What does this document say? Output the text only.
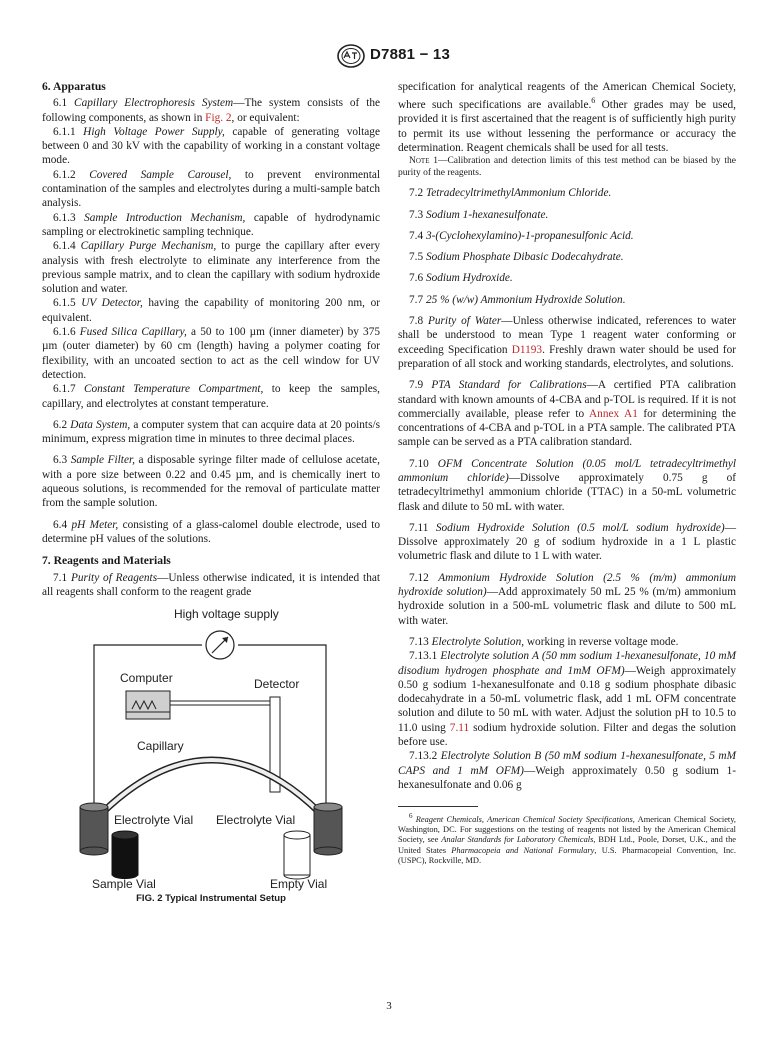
D7881 − 13
6. Apparatus

6.1 Capillary Electrophoresis System—The system consists of the following components, as shown in Fig. 2, or equivalent:

6.1.1 High Voltage Power Supply, capable of generating voltage between 0 and 30 kV with the capability of working in a constant voltage mode.

6.1.2 Covered Sample Carousel, to prevent environmental contamination of the samples and electrolytes during a multi-sample batch analysis.

6.1.3 Sample Introduction Mechanism, capable of hydrodynamic sampling or electrokinetic sampling technique.

6.1.4 Capillary Purge Mechanism, to purge the capillary after every analysis with fresh electrolyte to eliminate any interference from the previous sample matrix, and to clean the capillary with sodium hydroxide solution and water.

6.1.5 UV Detector, having the capability of monitoring 200 nm, or equivalent.

6.1.6 Fused Silica Capillary, a 50 to 100 µm (inner diameter) by 375 µm (outer diameter) by 60 cm (length) having a polymer coating for flexibility, with an uncoated section to act as the cell window for UV detection.

6.1.7 Constant Temperature Compartment, to keep the samples, capillary, and electrolytes at constant temperature.

6.2 Data System, a computer system that can acquire data at 20 points/s minimum, express migration time in minutes to three decimal places.

6.3 Sample Filter, a disposable syringe filter made of cellulose acetate, with a pore size between 0.22 and 0.45 µm, and is chemically inert to aqueous solutions, is recommended for the removal of particulate matter from the sample solution.

6.4 pH Meter, consisting of a glass-calomel double electrode, used to determine pH values of the solutions.

7. Reagents and Materials

7.1 Purity of Reagents—Unless otherwise indicated, it is intended that all reagents shall conform to the reagent grade

High voltage supply
Computer	Detector
Capillary
Electrolyte Vial Electrolyte Vial
Sample Vial	Empty Vial
FIG. 2 Typical Instrumental Setup

specification for analytical reagents of the American Chemical Society, where such specifications are available.$^6$ Other grades may be used, provided it is first ascertained that the reagent is of sufficiently high purity to permit its use without lessening the performance or accuracy the determination. Reagent chemicals shall be used for all tests.

Note 1—Calibration and detection limits of this test method can be biased by the purity of the reagents.

7.2 TetradecyltrimethylAmmonium Chloride.

7.3 Sodium 1-hexanesulfonate.

7.4 3-(Cyclohexylamino)-1-propanesulfonic Acid.

7.5 Sodium Phosphate Dibasic Dodecahydrate.

7.6 Sodium Hydroxide.

7.7 25 % (w/w) Ammonium Hydroxide Solution.

7.8 Purity of Water—Unless otherwise indicated, references to water shall be understood to mean Type 1 reagent water conforming or exceeding Specification D1193. Freshly drawn water should be used for preparation of all stock and working standards, electrolytes, and solutions.

7.9 PTA Standard for Calibrations—A certified PTA calibration standard with known amounts of 4-CBA and p-TOL is required. If it is not commercially available, please refer to Annex A1 for determining the concentrations of 4-CBA and p-TOL in a PTA sample. The calibrated PTA sample can be served as a PTA calibration standard.

7.10 OFM Concentrate Solution (0.05 mol/L tetradecyltrimethyl ammonium chloride)—Dissolve approximately 0.75 g of tetradecyltrimethyl ammonium chloride (TTAC) in a 50-mL volumetric flask and dilute to 50 mL with water.

7.11 Sodium Hydroxide Solution (0.5 mol/L sodium hydroxide)—Dissolve approximately 20 g of sodium hydroxide in a 1 L plastic volumetric flask and dilute to 1 L with water.

7.12 Ammonium Hydroxide Solution (2.5 % (m/m) ammonium hydroxide solution)—Add approximately 50 mL 25 % (m/m) ammonium hydroxide solution in a 500-mL volumetric flask and dilute to 500 mL with water.

7.13 Electrolyte Solution, working in reverse voltage mode.

7.13.1 Electrolyte solution A (50 mm sodium 1-hexanesulfonate, 10 mM disodium hydrogen phosphate and 1mM OFM)—Weigh approximately 0.50 g sodium 1-hexanesulfonate and 0.18 g sodium phosphate dibasic dodecahydrate in a 50-mL volumetric flask, add 1 mL OFM concentrate solution and dilute to 50 mL with water. Adjust the solution pH to 10.5 to 11.0 using 7.11 sodium hydroxide solution. Filter and degas the solution before use.

7.13.2 Electrolyte Solution B (50 mM sodium 1-hexanesulfonate, 5 mM CAPS and 1 mM OFM)—Weigh approximately 0.50 g sodium 1-hexanesulfonate and 0.06 g

$^6$ Reagent Chemicals, American Chemical Society Specifications, American Chemical Society, Washington, DC. For suggestions on the testing of reagents not listed by the American Chemical Society, see Analar Standards for Laboratory Chemicals, BDH Ltd., Poole, Dorset, U.K., and the United States Pharmacopeia and National Formulary, U.S. Pharmacopeial Convention, Inc. (USPC), Rockville, MD.

3
